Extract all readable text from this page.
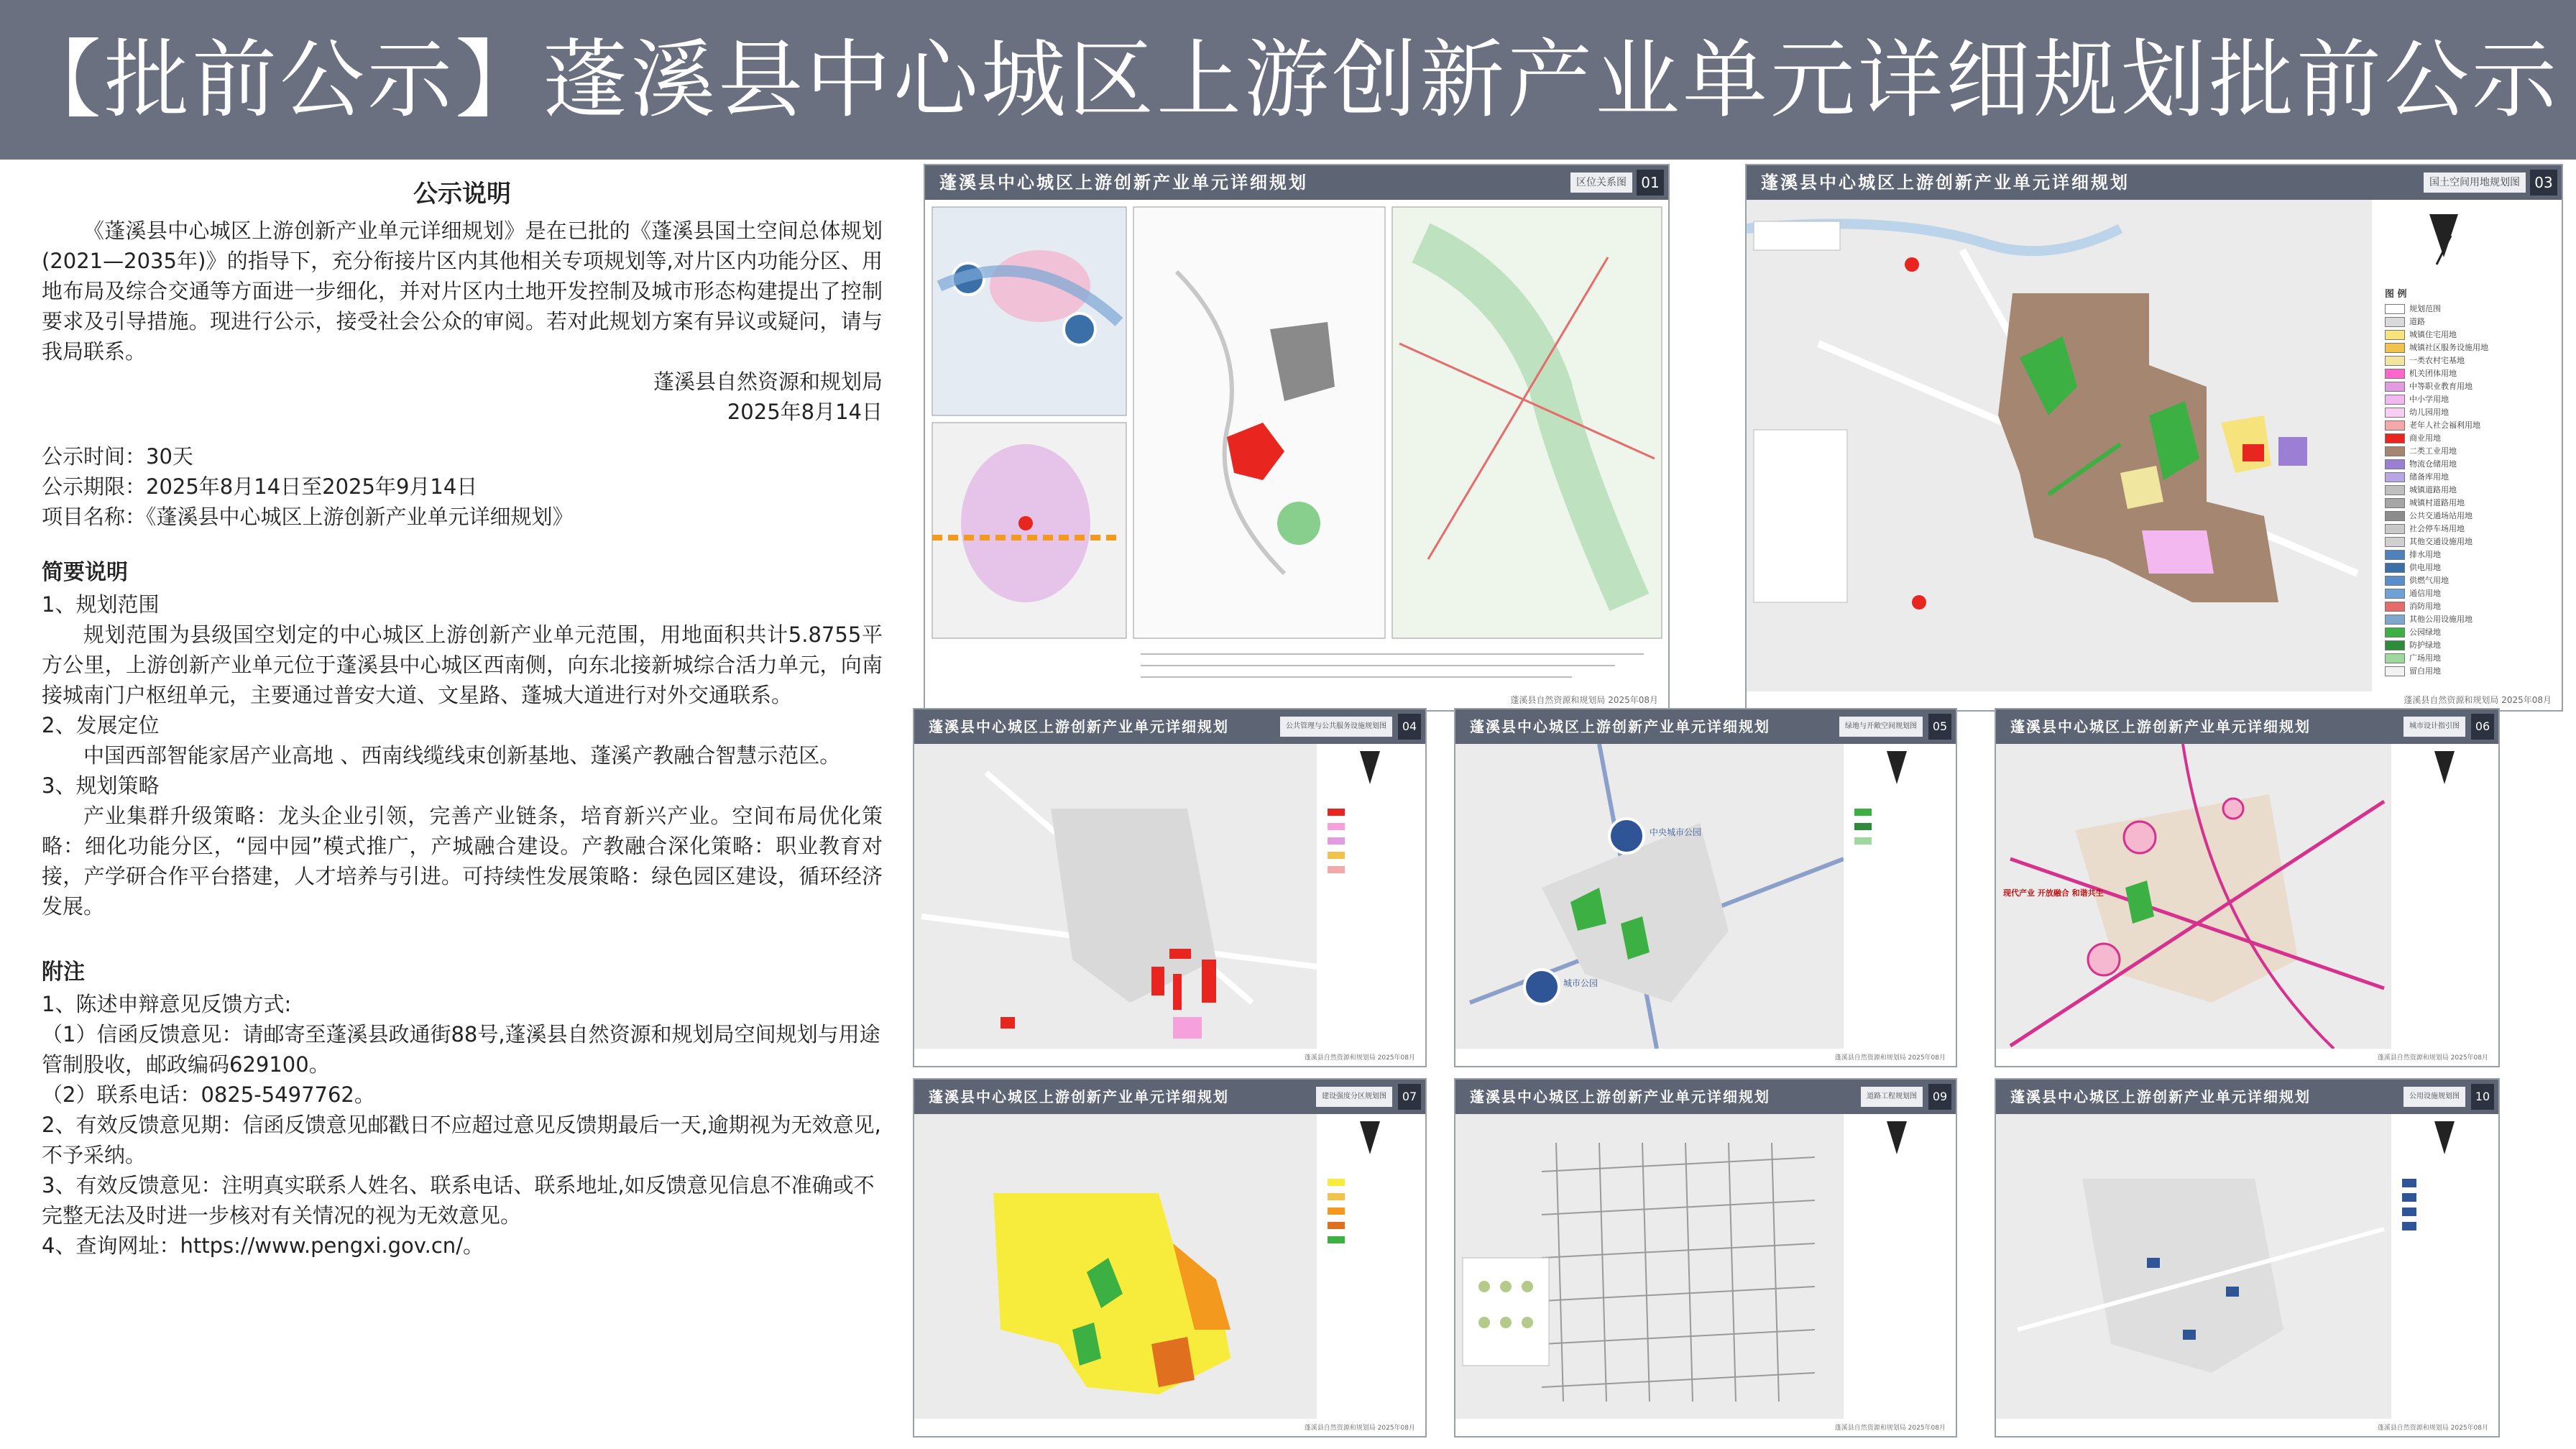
【批前公示】蓬溪县中心城区上游创新产业单元详细规划批前公示

公示说明

《蓬溪县中心城区上游创新产业单元详细规划》是在已批的《蓬溪县国土空间总体规划(2021—2035年)》的指导下，充分衔接片区内其他相关专项规划等,对片区内功能分区、用地布局及综合交通等方面进一步细化，并对片区内土地开发控制及城市形态构建提出了控制要求及引导措施。现进行公示，接受社会公众的审阅。若对此规划方案有异议或疑问，请与我局联系。

蓬溪县自然资源和规划局

2025年8月14日

公示时间：30天

公示期限：2025年8月14日至2025年9月14日

项目名称：《蓬溪县中心城区上游创新产业单元详细规划》

简要说明

1、规划范围

规划范围为县级国空划定的中心城区上游创新产业单元范围，用地面积共计5.8755平方公里，上游创新产业单元位于蓬溪县中心城区西南侧，向东北接新城综合活力单元，向南接城南门户枢纽单元，主要通过普安大道、文星路、蓬城大道进行对外交通联系。

2、发展定位

中国西部智能家居产业高地 、西南线缆线束创新基地、蓬溪产教融合智慧示范区。

3、规划策略

产业集群升级策略：龙头企业引领，完善产业链条，培育新兴产业。空间布局优化策略：细化功能分区，“园中园”模式推广，产城融合建设。产教融合深化策略：职业教育对接，产学研合作平台搭建，人才培养与引进。可持续性发展策略：绿色园区建设，循环经济发展。

附注

1、陈述申辩意见反馈方式:

（1）信函反馈意见：请邮寄至蓬溪县政通街88号,蓬溪县自然资源和规划局空间规划与用途管制股收，邮政编码629100。

（2）联系电话：0825-5497762。

2、有效反馈意见期：信函反馈意见邮戳日不应超过意见反馈期最后一天,逾期视为无效意见,不予采纳。

3、有效反馈意见：注明真实联系人姓名、联系电话、联系地址,如反馈意见信息不准确或不完整无法及时进一步核对有关情况的视为无效意见。

4、查询网址：https://www.pengxi.gov.cn/。

蓬溪县中心城区上游创新产业单元详细规划	区位关系图	01
蓬溪县自然资源和规划局 2025年08月
蓬溪县中心城区上游创新产业单元详细规划	国土空间用地规划图	03
图 例
规划范围
道路
城镇住宅用地
城镇社区服务设施用地
一类农村宅基地
机关团体用地
中等职业教育用地
中小学用地
幼儿园用地
老年人社会福利用地
商业用地
二类工业用地
物流仓储用地
储备库用地
城镇道路用地
城镇村道路用地
公共交通场站用地
社会停车场用地
其他交通设施用地
排水用地
供电用地
供燃气用地
通信用地
消防用地
其他公用设施用地
公园绿地
防护绿地
广场用地
留白用地
蓬溪县自然资源和规划局 2025年08月
蓬溪县中心城区上游创新产业单元详细规划	公共管理与公共服务设施规划图	04
蓬溪县自然资源和规划局 2025年08月
蓬溪县中心城区上游创新产业单元详细规划	绿地与开敞空间规划图	05
中央城市公园
城市公园
蓬溪县自然资源和规划局 2025年08月
蓬溪县中心城区上游创新产业单元详细规划	城市设计指引图	06
现代产业 开放融合 和谐共生
蓬溪县自然资源和规划局 2025年08月
蓬溪县中心城区上游创新产业单元详细规划	建设强度分区规划图	07
蓬溪县自然资源和规划局 2025年08月
蓬溪县中心城区上游创新产业单元详细规划	道路工程规划图	09
蓬溪县自然资源和规划局 2025年08月
蓬溪县中心城区上游创新产业单元详细规划	公用设施规划图	10
蓬溪县自然资源和规划局 2025年08月
